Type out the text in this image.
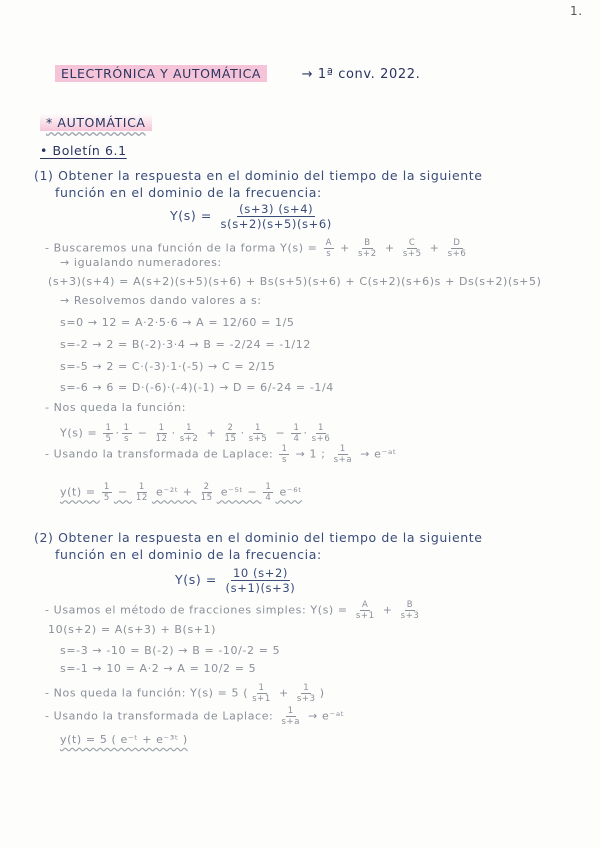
1.
ELECTRÓNICA Y AUTOMÁTICA	→ 1ª conv. 2022.
* AUTOMÁTICA
• Boletín 6.1
(1) Obtener la respuesta en el dominio del tiempo de la siguiente
función en el dominio de la frecuencia:
$Y(s) = \frac{(s+3) (s+4)}{s(s+2)(s+5)(s+6)}$
- Buscaremos una función de la forma $Y(s) = \frac{A}{s} + \frac{B}{s+2} + \frac{C}{s+5} + \frac{D}{s+6}$
→ igualando numeradores:
(s+3)(s+4) = A(s+2)(s+5)(s+6) + Bs(s+5)(s+6) + C(s+2)(s+6)s + Ds(s+2)(s+5)
→ Resolvemos dando valores a s:
s=0 → 12 = A·2·5·6 → A = 12/60 = 1/5
s=-2 → 2 = B(-2)·3·4 → B = -2/24 = -1/12
s=-5 → 2 = C·(-3)·1·(-5) → C = 2/15
s=-6 → 6 = D·(-6)·(-4)(-1) → D = 6/-24 = -1/4
- Nos queda la función:
$Y(s) = \frac{1}{5} \cdot \frac{1}{s} - \frac{1}{12} \cdot \frac{1}{s+2} + \frac{2}{15} \cdot \frac{1}{s+5} - \frac{1}{4} \cdot \frac{1}{s+6}$
- Usando la transformada de Laplace: $\frac{1}{s} \to 1$ ; $\frac{1}{s+a}$ → e⁻ᵃᵗ
$y(t) = \frac{1}{5} - \frac{1}{12}$ e⁻²ᵗ + $\frac{2}{15}$ e⁻⁵ᵗ − $\frac{1}{4}$ e⁻⁶ᵗ
(2) Obtener la respuesta en el dominio del tiempo de la siguiente
función en el dominio de la frecuencia:
$Y(s) = \frac{10 (s+2)}{(s+1)(s+3)}$
- Usamos el método de fracciones simples: $Y(s) = \frac{A}{s+1} + \frac{B}{s+3}$
10(s+2) = A(s+3) + B(s+1)
s=-3 → -10 = B(-2) → B = -10/-2 = 5
s=-1 → 10 = A·2 → A = 10/2 = 5
- Nos queda la función: Y(s) = 5 ( $\frac{1}{s+1} + \frac{1}{s+3}$ )
- Usando la transformada de Laplace: $\frac{1}{s+a}$ → e⁻ᵃᵗ
y(t) = 5 ( e⁻ᵗ + e⁻³ᵗ )
